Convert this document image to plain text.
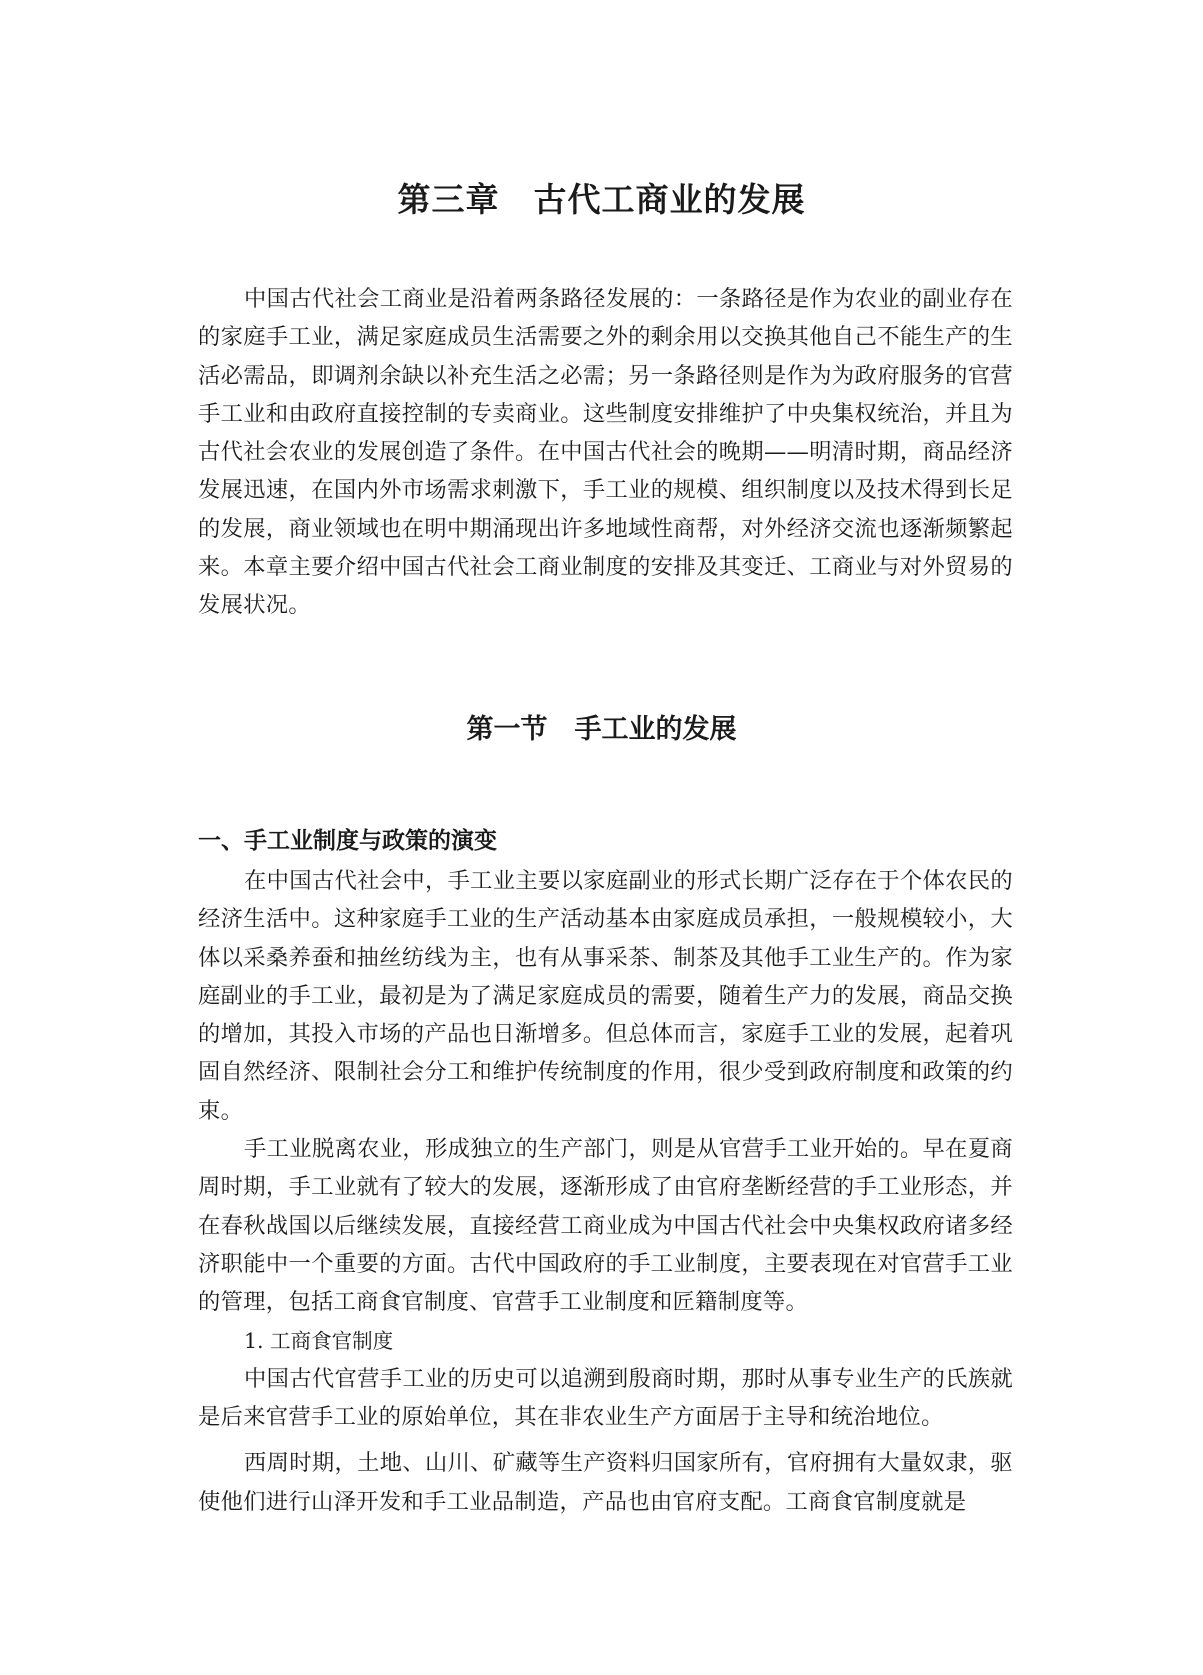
第三章　古代工商业的发展

中国古代社会工商业是沿着两条路径发展的：一条路径是作为农业的副业存在的家庭手工业，满足家庭成员生活需要之外的剩余用以交换其他自己不能生产的生活必需品，即调剂余缺以补充生活之必需；另一条路径则是作为为政府服务的官营手工业和由政府直接控制的专卖商业。这些制度安排维护了中央集权统治，并且为古代社会农业的发展创造了条件。在中国古代社会的晚期——明清时期，商品经济发展迅速，在国内外市场需求刺激下，手工业的规模、组织制度以及技术得到长足的发展，商业领域也在明中期涌现出许多地域性商帮，对外经济交流也逐渐频繁起来。本章主要介绍中国古代社会工商业制度的安排及其变迁、工商业与对外贸易的发展状况。

第一节　手工业的发展
一、手工业制度与政策的演变

在中国古代社会中，手工业主要以家庭副业的形式长期广泛存在于个体农民的经济生活中。这种家庭手工业的生产活动基本由家庭成员承担，一般规模较小，大体以采桑养蚕和抽丝纺线为主，也有从事采茶、制茶及其他手工业生产的。作为家庭副业的手工业，最初是为了满足家庭成员的需要，随着生产力的发展，商品交换的增加，其投入市场的产品也日渐增多。但总体而言，家庭手工业的发展，起着巩固自然经济、限制社会分工和维护传统制度的作用，很少受到政府制度和政策的约束。

手工业脱离农业，形成独立的生产部门，则是从官营手工业开始的。早在夏商周时期，手工业就有了较大的发展，逐渐形成了由官府垄断经营的手工业形态，并在春秋战国以后继续发展，直接经营工商业成为中国古代社会中央集权政府诸多经济职能中一个重要的方面。古代中国政府的手工业制度，主要表现在对官营手工业的管理，包括工商食官制度、官营手工业制度和匠籍制度等。

1. 工商食官制度

中国古代官营手工业的历史可以追溯到殷商时期，那时从事专业生产的氏族就是后来官营手工业的原始单位，其在非农业生产方面居于主导和统治地位。

西周时期，土地、山川、矿藏等生产资料归国家所有，官府拥有大量奴隶，驱使他们进行山泽开发和手工业品制造，产品也由官府支配。工商食官制度就是
